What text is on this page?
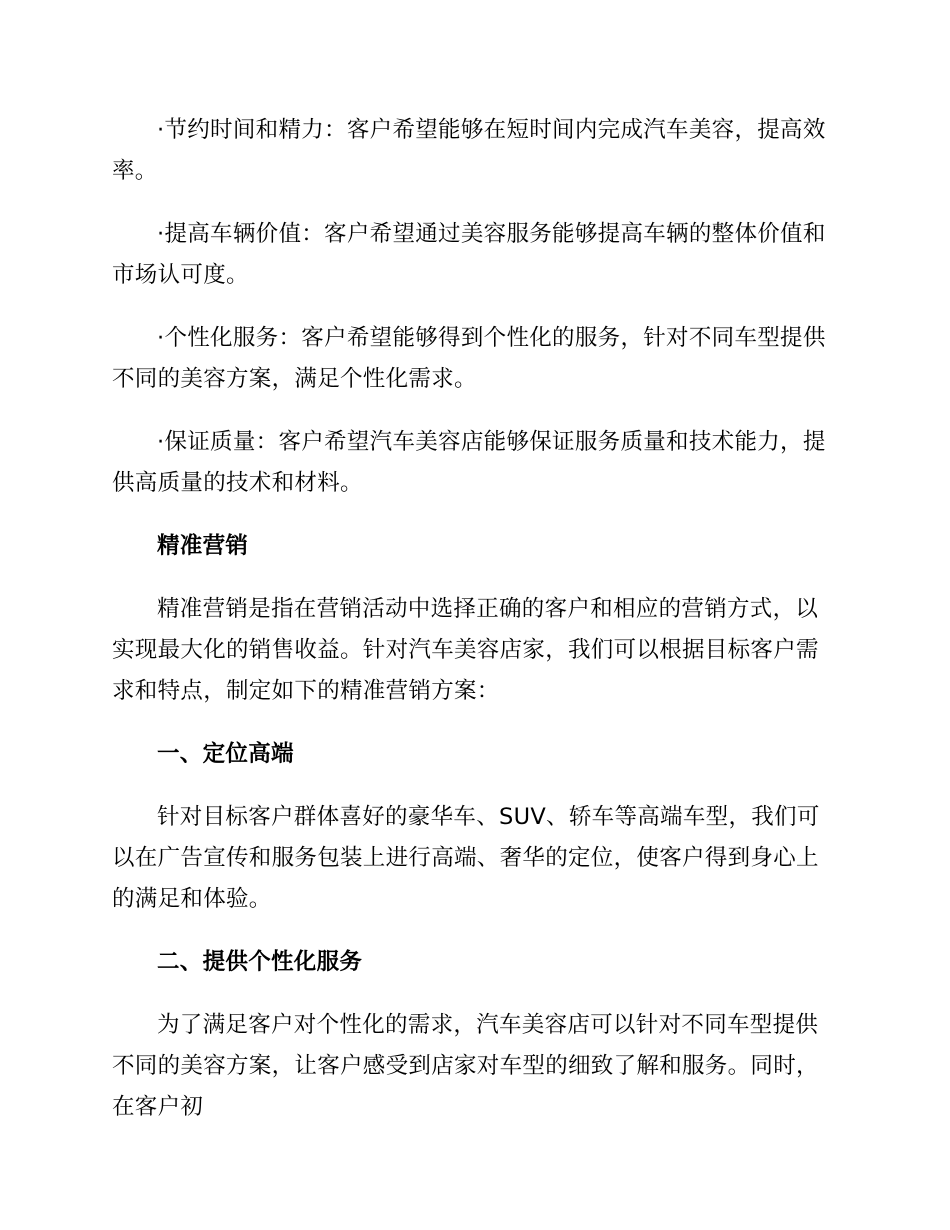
·节约时间和精力：客户希望能够在短时间内完成汽车美容，提高效率。

·提高车辆价值：客户希望通过美容服务能够提高车辆的整体价值和市场认可度。

·个性化服务：客户希望能够得到个性化的服务，针对不同车型提供不同的美容方案，满足个性化需求。

·保证质量：客户希望汽车美容店能够保证服务质量和技术能力，提供高质量的技术和材料。

精准营销

精准营销是指在营销活动中选择正确的客户和相应的营销方式，以实现最大化的销售收益。针对汽车美容店家，我们可以根据目标客户需求和特点，制定如下的精准营销方案：

一、定位高端

针对目标客户群体喜好的豪华车、SUV、轿车等高端车型，我们可以在广告宣传和服务包装上进行高端、奢华的定位，使客户得到身心上的满足和体验。

二、提供个性化服务

为了满足客户对个性化的需求，汽车美容店可以针对不同车型提供不同的美容方案，让客户感受到店家对车型的细致了解和服务。同时，在客户初
